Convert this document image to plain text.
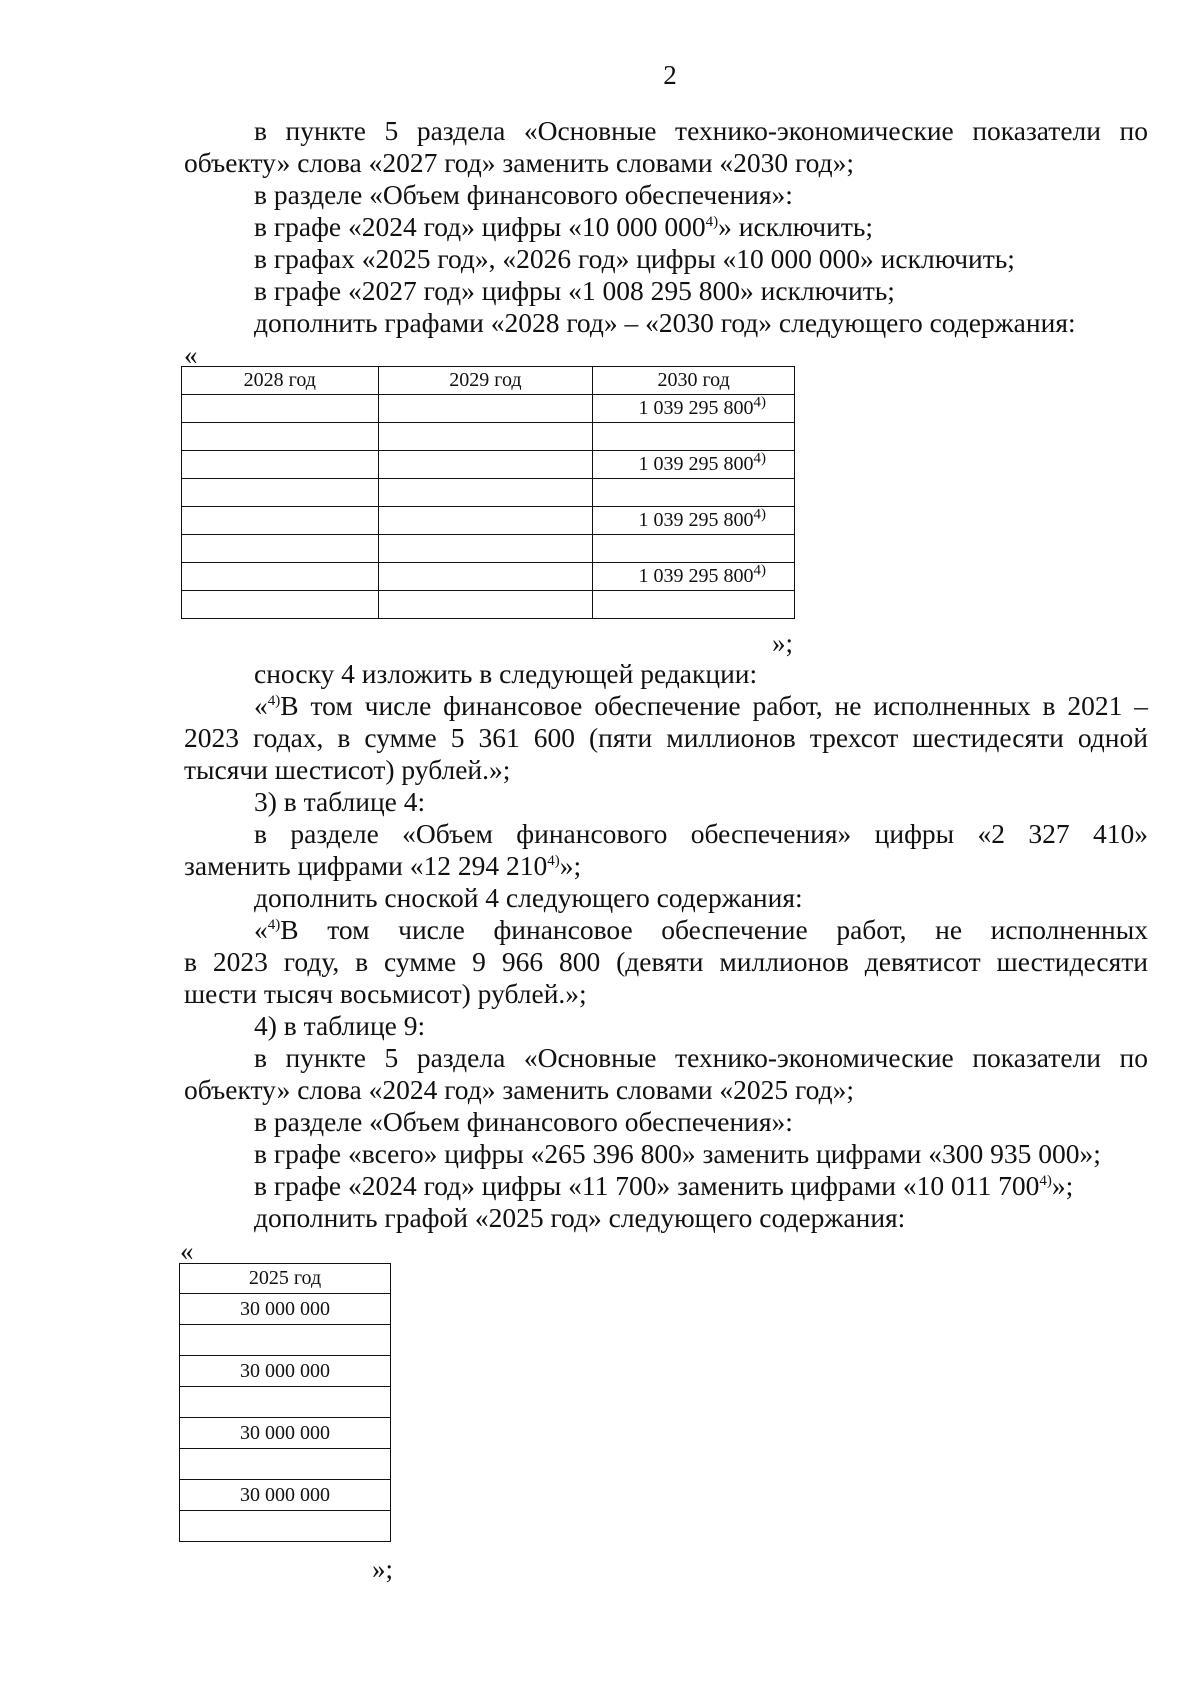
2

в пункте 5 раздела «Основные технико-экономические показатели по

объекту» слова «2027 год» заменить словами «2030 год»;

в разделе «Объем финансового обеспечения»:

в графе «2024 год» цифры «10 000 000$^{4)}$» исключить;

в графах «2025 год», «2026 год» цифры «10 000 000» исключить;

в графе «2027 год» цифры «1 008 295 800» исключить;

дополнить графами «2028 год» – «2030 год» следующего содержания:

«
2028 год	2029 год	2030 год
		1 039 295 800$^{4)}$

		1 039 295 800$^{4)}$

		1 039 295 800$^{4)}$

		1 039 295 800$^{4)}$

»;

сноску 4 изложить в следующей редакции:

«$^{4)}$В том числе финансовое обеспечение работ, не исполненных в 2021 –

2023 годах, в сумме 5 361 600 (пяти миллионов трехсот шестидесяти одной

тысячи шестисот) рублей.»;

3) в таблице 4:

в разделе «Объем финансового обеспечения» цифры «2 327 410»

заменить цифрами «12 294 210$^{4)}$»;

дополнить сноской 4 следующего содержания:

«$^{4)}$В том числе финансовое обеспечение работ, не исполненных

в 2023 году, в сумме 9 966 800 (девяти миллионов девятисот шестидесяти

шести тысяч восьмисот) рублей.»;

4) в таблице 9:

в пункте 5 раздела «Основные технико-экономические показатели по

объекту» слова «2024 год» заменить словами «2025 год»;

в разделе «Объем финансового обеспечения»:

в графе «всего» цифры «265 396 800» заменить цифрами «300 935 000»;

в графе «2024 год» цифры «11 700» заменить цифрами «10 011 700$^{4)}$»;

дополнить графой «2025 год» следующего содержания:

«
2025 год
30 000 000

30 000 000

30 000 000

30 000 000

»;
